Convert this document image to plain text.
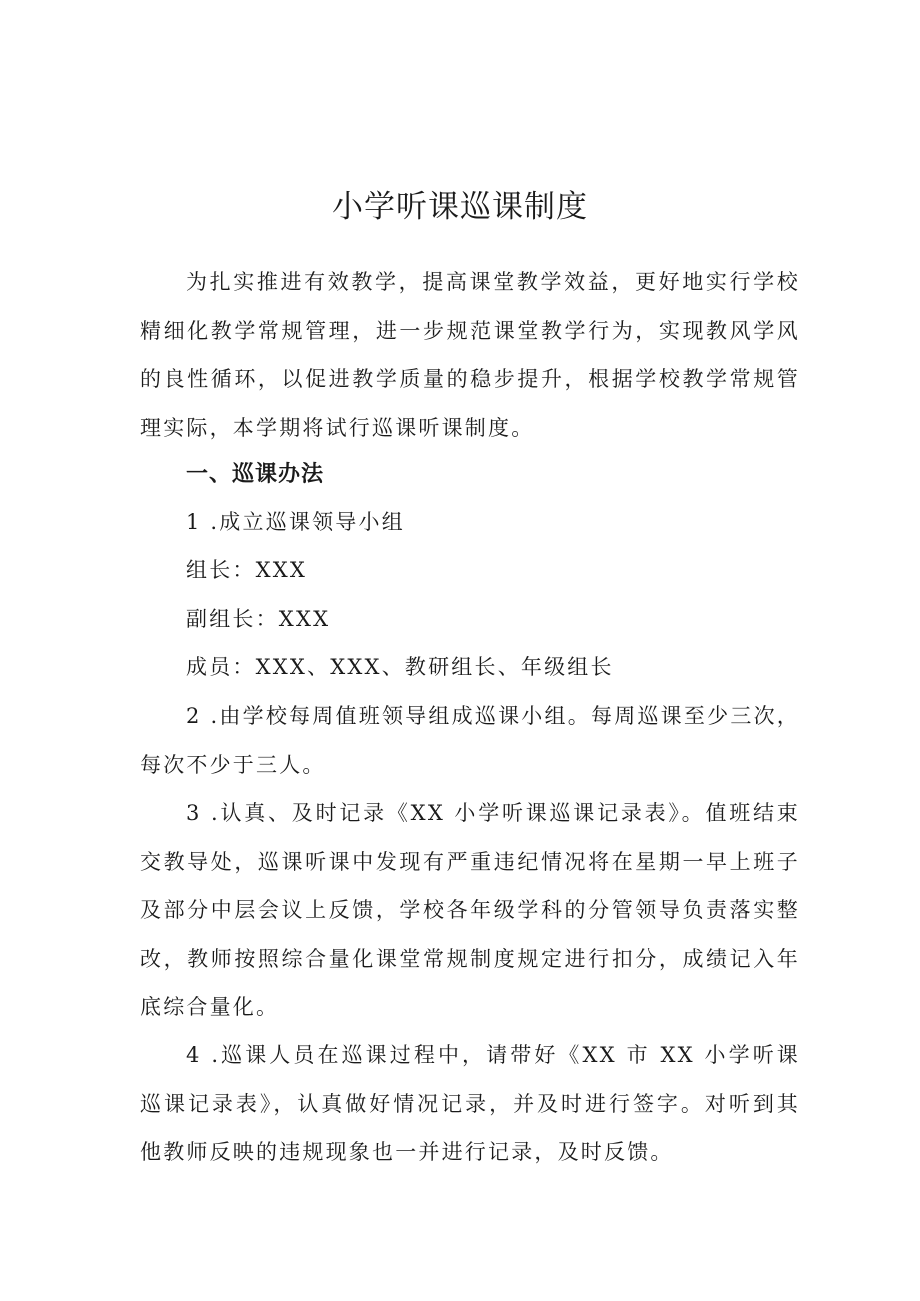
小学听课巡课制度

为扎实推进有效教学，提高课堂教学效益，更好地实行学校精细化教学常规管理，进一步规范课堂教学行为，实现教风学风的良性循环，以促进教学质量的稳步提升，根据学校教学常规管理实际，本学期将试行巡课听课制度。

一、巡课办法

1 .成立巡课领导小组

组长：XXX

副组长：XXX

成员：XXX、XXX、教研组长、年级组长

2 .由学校每周值班领导组成巡课小组。每周巡课至少三次，每次不少于三人。

3 .认真、及时记录《XX 小学听课巡课记录表》。值班结束交教导处，巡课听课中发现有严重违纪情况将在星期一早上班子及部分中层会议上反馈，学校各年级学科的分管领导负责落实整改，教师按照综合量化课堂常规制度规定进行扣分，成绩记入年底综合量化。

4 .巡课人员在巡课过程中，请带好《XX 市 XX 小学听课巡课记录表》，认真做好情况记录，并及时进行签字。对听到其他教师反映的违规现象也一并进行记录，及时反馈。
